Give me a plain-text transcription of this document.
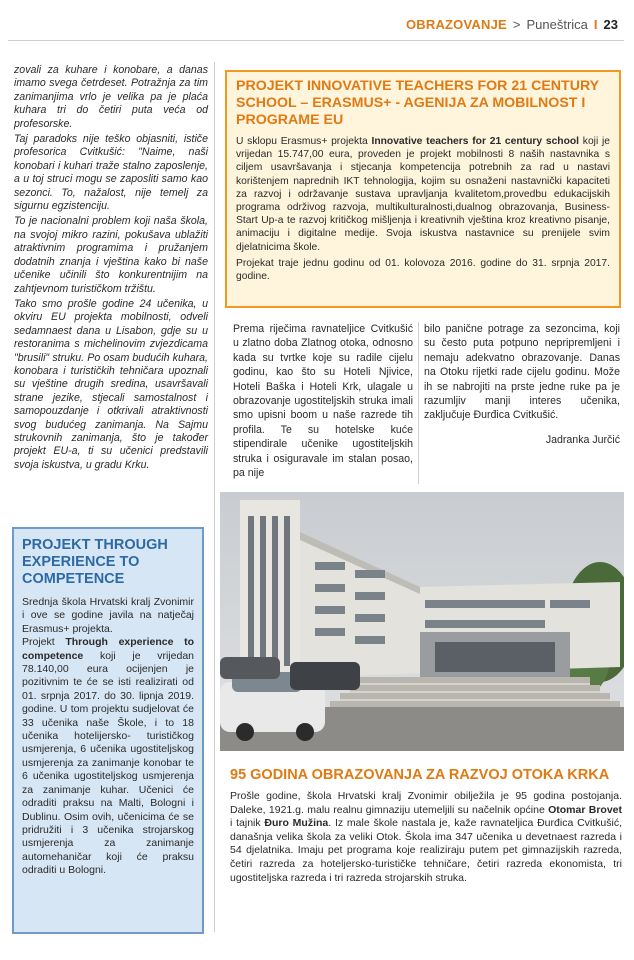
OBRAZOVANJE > Puneštrica I 23

zovali za kuhare i konobare, a danas imamo svega četrdeset. Potražnja za tim zanimanjima vrlo je velika pa je plaća kuhara tri do četiri puta veća od profesorske.

Taj paradoks nije teško objasniti, ističe profesorica Cvitkušić: "Naime, naši konobari i kuhari traže stalno zaposlenje, a u toj struci mogu se zaposliti samo kao sezonci. To, nažalost, nije temelj za sigurnu egzistenciju.

To je nacionalni problem koji naša škola, na svojoj mikro razini, pokušava ublažiti atraktivnim programima i pružanjem dodatnih znanja i vještina kako bi naše učenike učinili što konkurentnijim na zahtjevnom turističkom tržištu.

Tako smo prošle godine 24 učenika, u okviru EU projekta mobilnosti, odveli sedamnaest dana u Lisabon, gdje su u restoranima s michelinovim zvjezdicama "brusili" struku. Po osam budućih kuhara, konobara i turističkih tehničara upoznali su vještine drugih sredina, usavršavali strane jezike, stjecali samostalnost i samopouzdanje i otkrivali atraktivnosti svog budućeg zanimanja. Na Sajmu strukovnih zanimanja, što je također projekt EU-a, ti su učenici predstavili svoja iskustva, u gradu Krku.

PROJEKT THROUGH EXPERIENCE TO COMPETENCE

Srednja škola Hrvatski kralj Zvonimir i ove se godine javila na natječaj Erasmus+ projekta.

Projekt Through experience to competence koji je vrijedan 78.140,00 eura ocijenjen je pozitivnim te će se isti realizirati od 01. srpnja 2017. do 30. lipnja 2019. godine. U tom projektu sudjelovat će 33 učenika naše Škole, i to 18 učenika hotelijersko- turističkog usmjerenja, 6 učenika ugostiteljskog usmjerenja za zanimanje konobar te 6 učenika ugostiteljskog usmjerenja za zanimanje kuhar. Učenici će odraditi praksu na Malti, Bologni i Dublinu. Osim ovih, učenicima će se pridružiti i 3 učenika strojarskog usmjerenja za zanimanje automehaničar koji će praksu odraditi u Bologni.

PROJEKT INNOVATIVE TEACHERS FOR 21 CENTURY SCHOOL – ERASMUS+ - AGENIJA ZA MOBILNOST I PROGRAME EU

U sklopu Erasmus+ projekta Innovative teachers for 21 century school koji je vrijedan 15.747,00 eura, proveden je projekt mobilnosti 8 naših nastavnika s ciljem usavršavanja i stjecanja kompetencija potrebnih za rad u nastavi korištenjem naprednih IKT tehnologija, kojim su osnaženi nastavnički kapaciteti za razvoj i održavanje sustava upravljanja kvalitetom,provedbu edukacijskih programa održivog razvoja, multikulturalnosti,dualnog obrazovanja, Business-Start Up-a te razvoj kritičkog mišljenja i kreativnih vještina kroz kreativno pisanje, animaciju i digitalne medije. Svoja iskustva nastavnice su prenijele svim djelatnicima škole.

Projekat traje jednu godinu od 01. kolovoza 2016. godine do 31. srpnja 2017. godine.

Prema riječima ravnateljice Cvitkušić u zlatno doba Zlatnog otoka, odnosno kada su tvrtke koje su radile cijelu godinu, kao što su Hoteli Njivice, Hoteli Baška i Hoteli Krk, ulagale u obrazovanje ugostiteljskih struka imali smo upisni boom u naše razrede tih profila. Te su hotelske kuće stipendirale učenike ugostiteljskih struka i osiguravale im stalan posao, pa nije

bilo panične potrage za sezoncima, koji su često puta potpuno nepripremljeni i nemaju adekvatno obrazovanje. Danas na Otoku rijetki rade cijelu godinu. Može ih se nabrojiti na prste jedne ruke pa je razumljiv manji interes učenika, zaključuje Đurđica Cvitkušić.

Jadranka Jurčić

95 GODINA OBRAZOVANJA ZA RAZVOJ OTOKA KRKA

Prošle godine, škola Hrvatski kralj Zvonimir obilježila je 95 godina postojanja. Daleke, 1921.g. malu realnu gimnaziju utemeljili su načelnik općine Otomar Brovet i tajnik Đuro Mužina. Iz male škole nastala je, kaže ravnateljica Đurđica Cvitkušić, današnja velika škola za veliki Otok. Škola ima 347 učenika u devetnaest razreda i 54 djelatnika. Imaju pet programa koje realiziraju putem pet gimnazijskih razreda, četiri razreda za hoteljersko-turističke tehničare, četiri razreda ekonomista, tri ugostiteljska razreda i tri razreda strojarskih struka.
